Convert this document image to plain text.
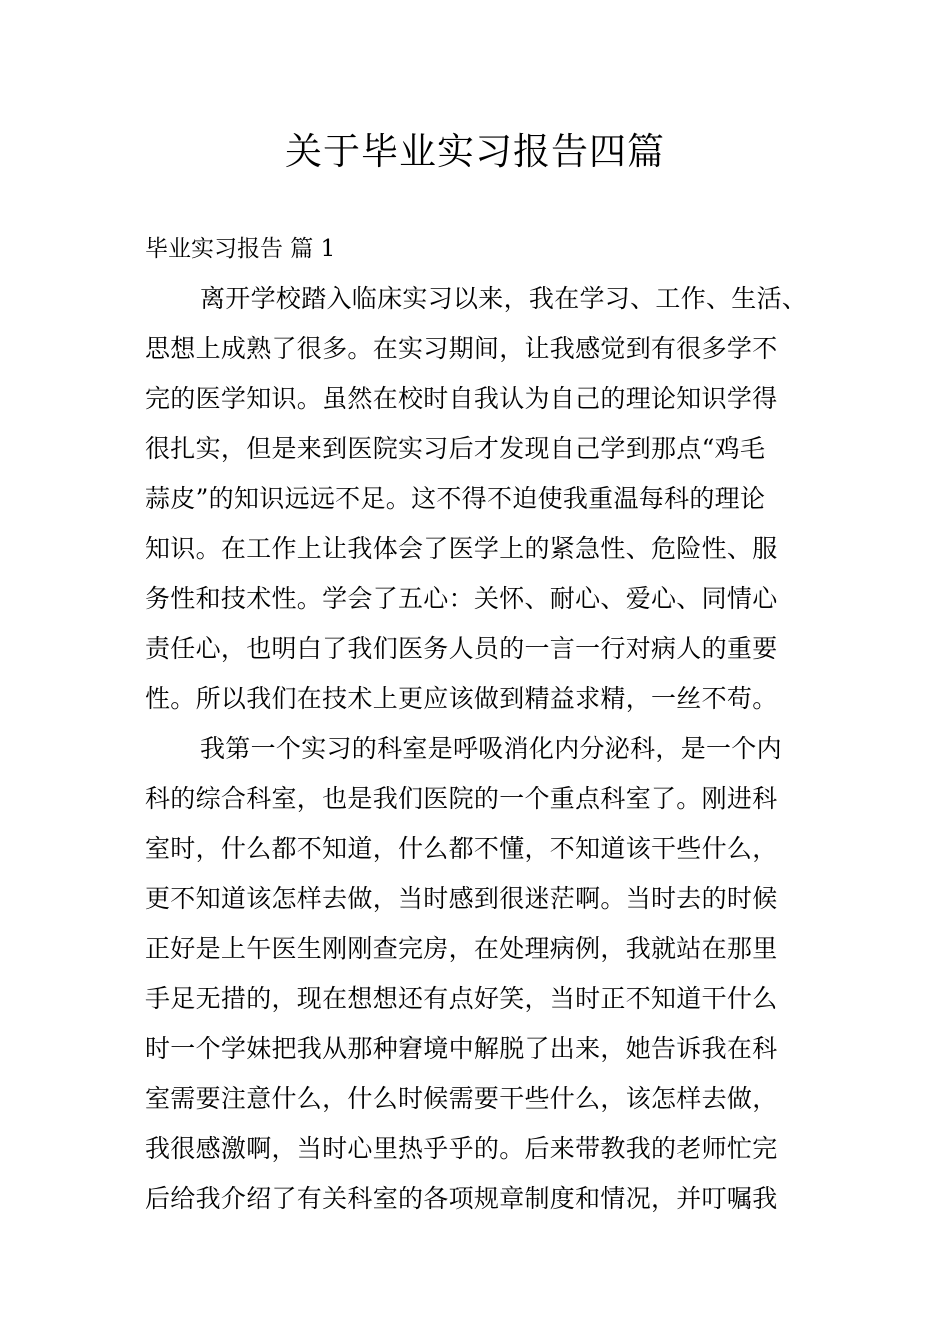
关于毕业实习报告四篇
毕业实习报告 篇 1
离开学校踏入临床实习以来，我在学习、工作、生活、
思想上成熟了很多。在实习期间，让我感觉到有很多学不
完的医学知识。虽然在校时自我认为自己的理论知识学得
很扎实，但是来到医院实习后才发现自己学到那点“鸡毛
蒜皮”的知识远远不足。这不得不迫使我重温每科的理论
知识。在工作上让我体会了医学上的紧急性、危险性、服
务性和技术性。学会了五心：关怀、耐心、爱心、同情心
责任心，也明白了我们医务人员的一言一行对病人的重要
性。所以我们在技术上更应该做到精益求精，一丝不苟。
我第一个实习的科室是呼吸消化内分泌科，是一个内
科的综合科室，也是我们医院的一个重点科室了。刚进科
室时，什么都不知道，什么都不懂，不知道该干些什么，
更不知道该怎样去做，当时感到很迷茫啊。当时去的时候
正好是上午医生刚刚查完房，在处理病例，我就站在那里
手足无措的，现在想想还有点好笑，当时正不知道干什么
时一个学妹把我从那种窘境中解脱了出来，她告诉我在科
室需要注意什么，什么时候需要干些什么，该怎样去做，
我很感激啊，当时心里热乎乎的。后来带教我的老师忙完
后给我介绍了有关科室的各项规章制度和情况，并叮嘱我
